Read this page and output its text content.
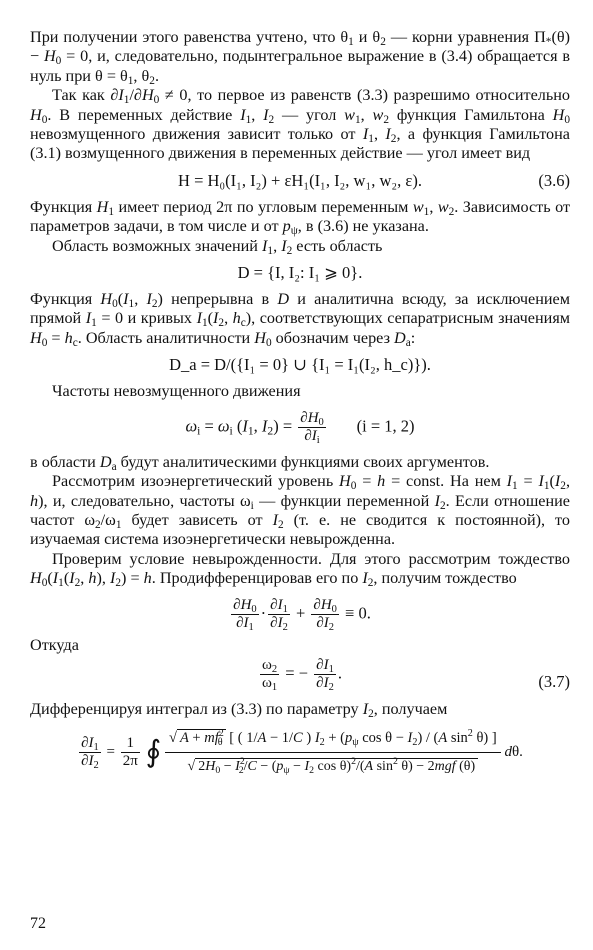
При получении этого равенства учтено, что $\theta_1$ и $\theta_2$ — корни уравнения $\Pi_*(\theta) - H_0 = 0$, и, следовательно, подынтегральное выражение в (3.4) обращается в нуль при $\theta = \theta_1$, $\theta_2$.

Так как $\partial I_1/\partial H_0 \ne 0$, то первое из равенств (3.3) разрешимо относительно $H_0$. В переменных действие $I_1$, $I_2$ — угол $w_1$, $w_2$ функция Гамильтона $H_0$ невозмущенного движения зависит только от $I_1$, $I_2$, а функция Гамильтона (3.1) возмущенного движения в переменных действие — угол имеет вид

H = H₀(I₁, I₂) + εH₁(I₁, I₂, w₁, w₂, ε).	(3.6)

Функция $H_1$ имеет период 2π по угловым переменным $w_1$, $w_2$. Зависимость от параметров задачи, в том числе и от $p_\psi$, в (3.6) не указана.

Область возможных значений $I_1$, $I_2$ есть область

D = {I, I₂: I₁ ⩾ 0}.

Функция $H_0(I_1$, $I_2$) непрерывна в D и аналитична всюду, за исключением прямой $I_1 = 0$ и кривых $I_1(I_2$, $h_c$), соответствующих сепаратрисным значениям $H_0 = h_c$. Область аналитичности $H_0$ обозначим через $D_a$:

D_a = D/({I₁ = 0} ∪ {I₁ = I₁(I₂, h_c)}).

Частоты невозмущенного движения

$\omega_i = \omega_i$ ($I_1$, $I_2) = \frac{\partial H_0}{\partial I_i} (i = 1$, 2)

в области $D_a$ будут аналитическими функциями своих аргументов.

Рассмотрим изоэнергетический уровень $H_0 = h$ = const. На нем $I_1 = I_1(I_2$, h), и, следовательно, частоты $\omega_i$ — функции переменной $I_2$. Если отношение частот $\omega_2/\omega_1$ будет зависеть от $I_2$ (т. е. не сводится к постоянной), то изучаемая система изоэнергетически невырожденна.

Проверим условие невырожденности. Для этого рассмотрим тождество $H_0(I_1(I_2$, h), $I_2) = h$. Продифференцировав его по $I_2$, получим тождество

$\frac{\partial H_0}{\partial I_1} \cdot \frac{\partial I_1}{\partial I_2} + \frac{\partial H_0}{\partial I_2} \equiv 0$.

Откуда

$\frac{\omega_2}{\omega_1}$ = − $\frac{\partial I_1}{\partial I_2}$ .	(3.7)

Дифференцируя интеграл из (3.3) по параметру $I_2$, получаем

$\frac{\partial I_1}{\partial I_2} = \frac{1}{2\pi}$ ∮ √ $A + mf^2_\theta$ [ ( 1/A − 1/C ) $I_2 + (p_\psi$ $\cos \theta - I_2) / (A$ $\sin^2 \theta$) ]
√ $2H_0 - I^2_2/C - (p_\psi - I_2$ cos θ)$^2$/(A $\sin^2 \theta) - 2mgf$ (θ)
dθ.
72
